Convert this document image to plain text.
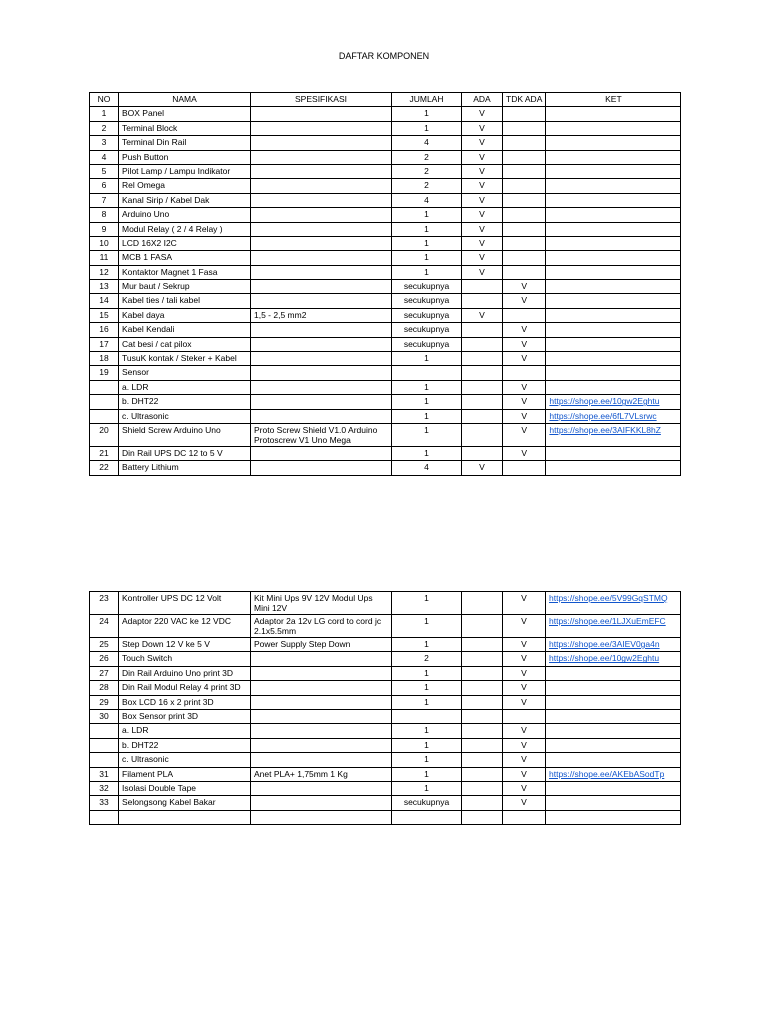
DAFTAR KOMPONEN
NO	NAMA	SPESIFIKASI	JUMLAH	ADA	TDK ADA	KET
1	BOX Panel		1	V		
2	Terminal Block		1	V		
3	Terminal Din Rail		4	V		
4	Push Button		2	V		
5	Pilot Lamp / Lampu Indikator		2	V		
6	Rel Omega		2	V		
7	Kanal Sirip / Kabel Dak		4	V		
8	Arduino Uno		1	V		
9	Modul Relay ( 2 / 4 Relay )		1	V		
10	LCD 16X2 I2C		1	V		
11	MCB 1 FASA		1	V		
12	Kontaktor Magnet 1 Fasa		1	V		
13	Mur baut / Sekrup		secukupnya		V	
14	Kabel ties / tali kabel		secukupnya		V	
15	Kabel daya	1,5 - 2,5 mm2	secukupnya	V		
16	Kabel Kendali		secukupnya		V	
17	Cat besi / cat pilox		secukupnya		V	
18	TusuK kontak / Steker + Kabel		1		V	
19	Sensor					
	a. LDR		1		V	
	b. DHT22		1		V	https://shope.ee/10gw2Eghtu
	c. Ultrasonic		1		V	https://shope.ee/6fL7VLsrwc
20	Shield Screw Arduino Uno	Proto Screw Shield V1.0 Arduino Protoscrew V1 Uno Mega	1		V	https://shope.ee/3AIFKKL8hZ
21	Din Rail UPS DC 12 to 5 V		1		V	
22	Battery Lithium		4	V		
23	Kontroller UPS DC 12 Volt	Kit Mini Ups 9V 12V Modul Ups Mini 12V	1		V	https://shope.ee/5V99GqSTMQ
24	Adaptor 220 VAC ke 12 VDC	Adaptor 2a 12v LG cord to cord jc 2.1x5.5mm	1		V	https://shope.ee/1LJXuEmEFC
25	Step Down 12 V ke 5 V	Power Supply Step Down	1		V	https://shope.ee/3AIEV0ga4n
26	Touch Switch		2		V	https://shope.ee/10gw2Eghtu
27	Din Rail Arduino Uno print 3D		1		V	
28	Din Rail Modul Relay 4 print 3D		1		V	
29	Box LCD 16 x 2 print 3D		1		V	
30	Box Sensor print 3D					
	a. LDR		1		V	
	b. DHT22		1		V	
	c. Ultrasonic		1		V	
31	Filament PLA	Anet PLA+ 1,75mm 1 Kg	1		V	https://shope.ee/AKEbASodTp
32	Isolasi Double Tape		1		V	
33	Selongsong Kabel Bakar		secukupnya		V	
